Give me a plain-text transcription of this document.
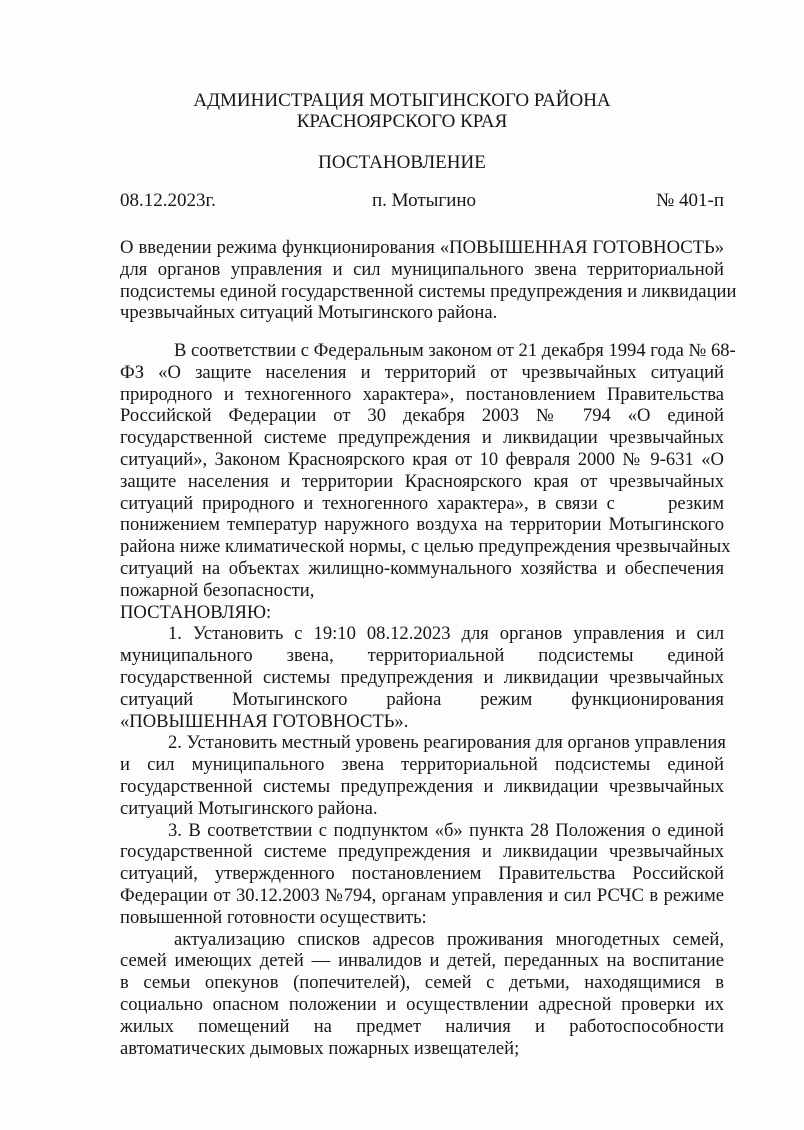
АДМИНИСТРАЦИЯ МОТЫГИНСКОГО РАЙОНА
КРАСНОЯРСКОГО КРАЯ
ПОСТАНОВЛЕНИЕ
08.12.2023г.	п. Мотыгино	№ 401-п
О введении режима функционирования «ПОВЫШЕННАЯ ГОТОВНОСТЬ»
для органов управления и сил муниципального звена территориальной
подсистемы единой государственной системы предупреждения и ликвидации
чрезвычайных ситуаций Мотыгинского района.
В соответствии с Федеральным законом от 21 декабря 1994 года № 68-
ФЗ «О защите населения и территорий от чрезвычайных ситуаций
природного и техногенного характера», постановлением Правительства
Российской Федерации от 30 декабря 2003 № 794 «О единой
государственной системе предупреждения и ликвидации чрезвычайных
ситуаций», Законом Красноярского края от 10 февраля 2000 № 9-631 «О
защите населения и территории Красноярского края от чрезвычайных
ситуаций природного и техногенного характера», в связи с      резким
понижением температур наружного воздуха на территории Мотыгинского
района ниже климатической нормы, с целью предупреждения чрезвычайных
ситуаций на объектах жилищно-коммунального хозяйства и обеспечения
пожарной безопасности,
ПОСТАНОВЛЯЮ:
1. Установить с 19:10 08.12.2023 для органов управления и сил
муниципального звена, территориальной подсистемы единой
государственной системы предупреждения и ликвидации чрезвычайных
ситуаций Мотыгинского района режим функционирования
«ПОВЫШЕННАЯ ГОТОВНОСТЬ».
2. Установить местный уровень реагирования для органов управления
и сил муниципального звена территориальной подсистемы единой
государственной системы предупреждения и ликвидации чрезвычайных
ситуаций Мотыгинского района.
3. В соответствии с подпунктом «б» пункта 28 Положения о единой
государственной системе предупреждения и ликвидации чрезвычайных
ситуаций, утвержденного постановлением Правительства Российской
Федерации от 30.12.2003 №794, органам управления и сил РСЧС в режиме
повышенной готовности осуществить:
актуализацию списков адресов проживания многодетных семей,
семей имеющих детей — инвалидов и детей, переданных на воспитание
в семьи опекунов (попечителей), семей с детьми, находящимися в
социально опасном положении и осуществлении адресной проверки их
жилых помещений на предмет наличия и работоспособности
автоматических дымовых пожарных извещателей;
